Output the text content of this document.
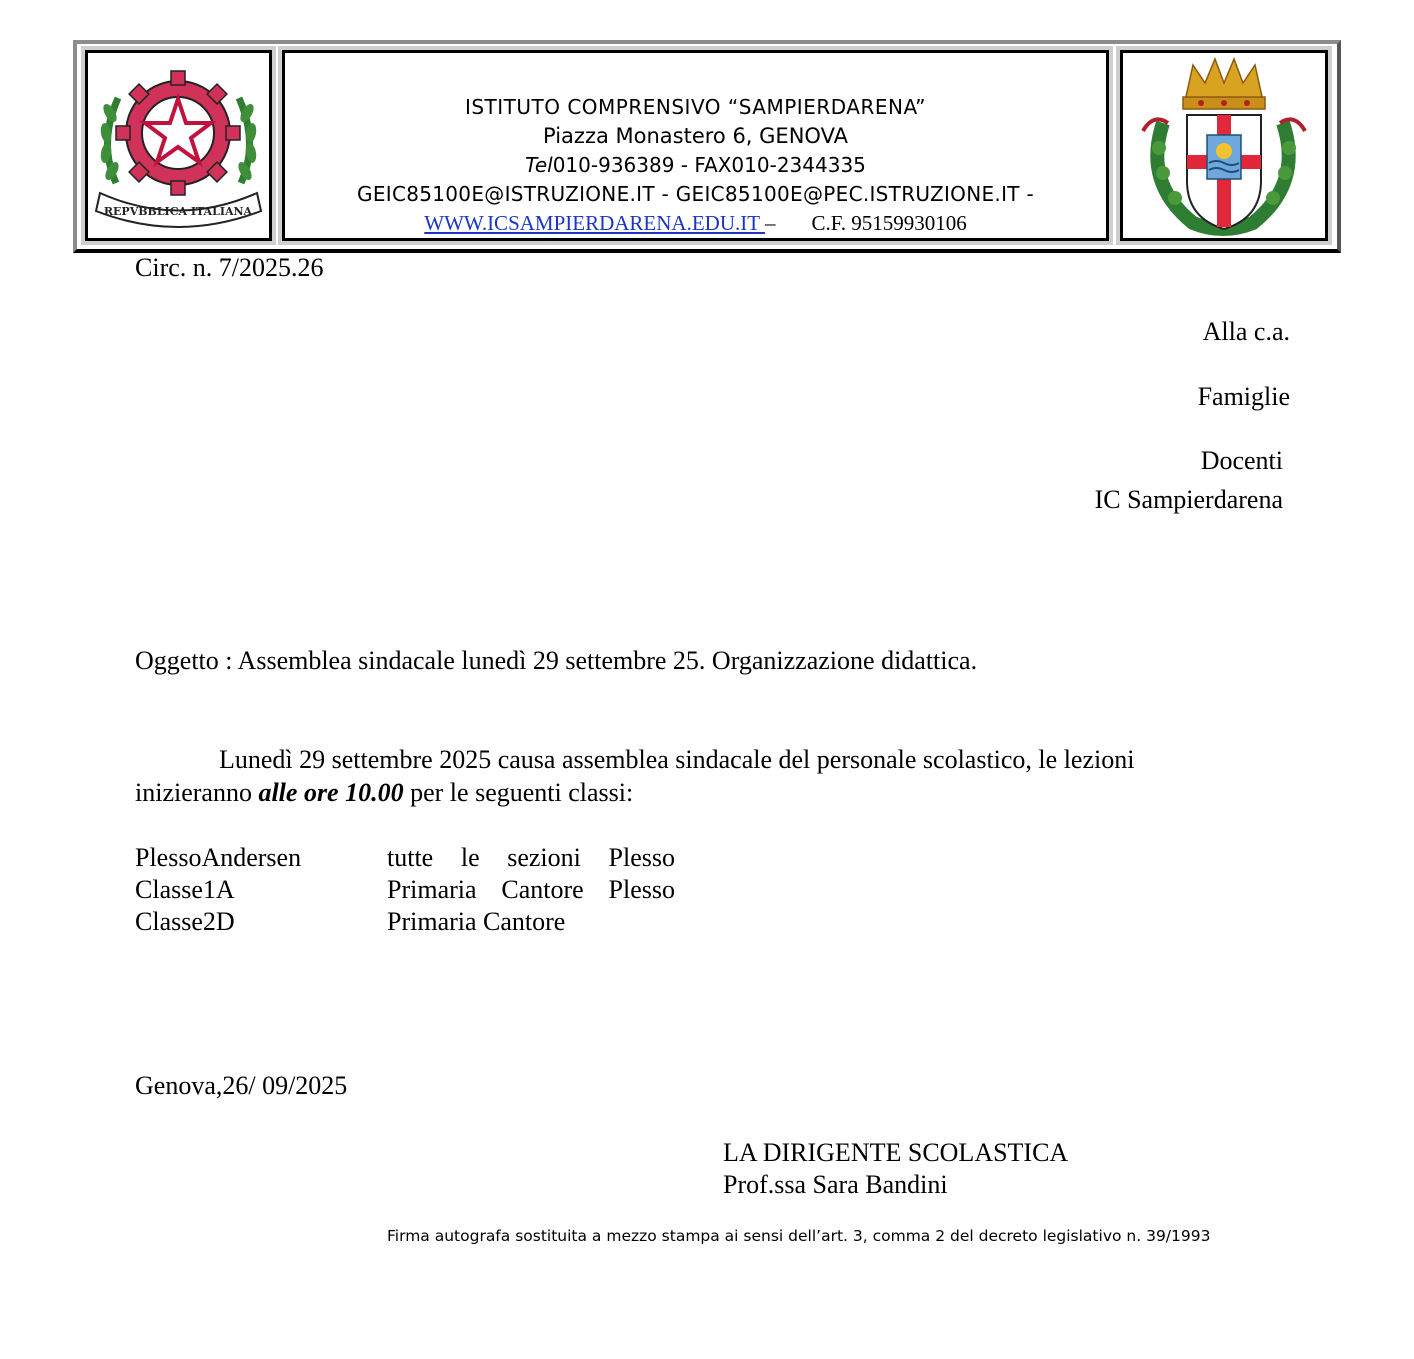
REPVBBLICA ITALIANA
ISTITUTO COMPRENSIVO “SAMPIERDARENA”
Piazza Monastero 6, GENOVA
Tel010-936389 - FAX010-2344335
GEIC85100E@ISTRUZIONE.IT - GEIC85100E@PEC.ISTRUZIONE.IT -
WWW.ICSAMPIERDARENA.EDU.IT – C.F. 95159930106
Circ. n. 7/2025.26
Alla c.a.
Famiglie
Docenti
IC Sampierdarena
Oggetto : Assemblea sindacale lunedì 29 settembre 25. Organizzazione didattica.
Lunedì 29 settembre 2025 causa assemblea sindacale del personale scolastico, le lezioni
inizieranno alle ore 10.00 per le seguenti classi:
PlessoAndersen	tutte le sezioni Plesso

Classe1A	Primaria Cantore Plesso

Classe2D	Primaria Cantore
Genova,26/ 09/2025
LA DIRIGENTE SCOLASTICA
Prof.ssa Sara Bandini
Firma autografa sostituita a mezzo stampa ai sensi dell’art. 3, comma 2 del decreto legislativo n. 39/1993
